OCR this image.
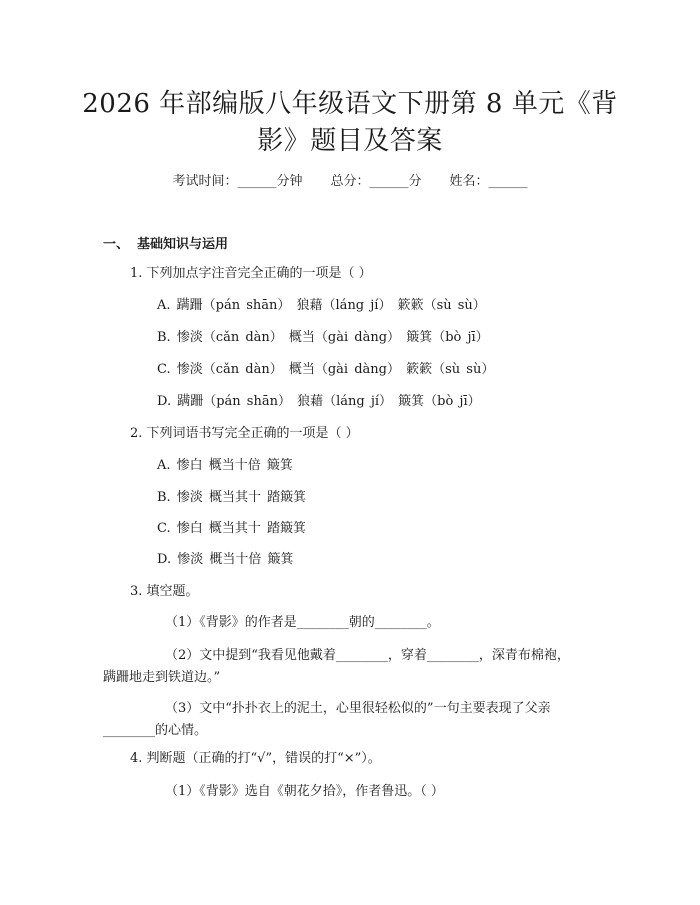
2026 年部编版八年级语文下册第 8 单元《背
影》题目及答案
考试时间：______分钟 总分：______分 姓名：______
一、 基础知识与运用
1. 下列加点字注音完全正确的一项是（ ）
A. 蹒跚（pán shān） 狼藉（láng jí） 簌簌（sù sù）
B. 惨淡（cǎn dàn） 概当（gài dàng） 簸箕（bò jī）
C. 惨淡（cǎn dàn） 概当（gài dàng） 簌簌（sù sù）
D. 蹒跚（pán shān） 狼藉（láng jí） 簸箕（bò jī）
2. 下列词语书写完全正确的一项是（ ）
A. 惨白 概当十倍 簸箕
B. 惨淡 概当其十 踏簸箕
C. 惨白 概当其十 踏簸箕
D. 惨淡 概当十倍 簸箕
3. 填空题。
（1）《背影》的作者是________朝的________。
（2）文中提到“我看见他戴着________，穿着________，深青布棉袍，
蹒跚地走到铁道边。”
（3）文中“扑扑衣上的泥土，心里很轻松似的”一句主要表现了父亲
________的心情。
4. 判断题（正确的打“√”，错误的打“×”）。
（1）《背影》选自《朝花夕拾》，作者鲁迅。（ ）
